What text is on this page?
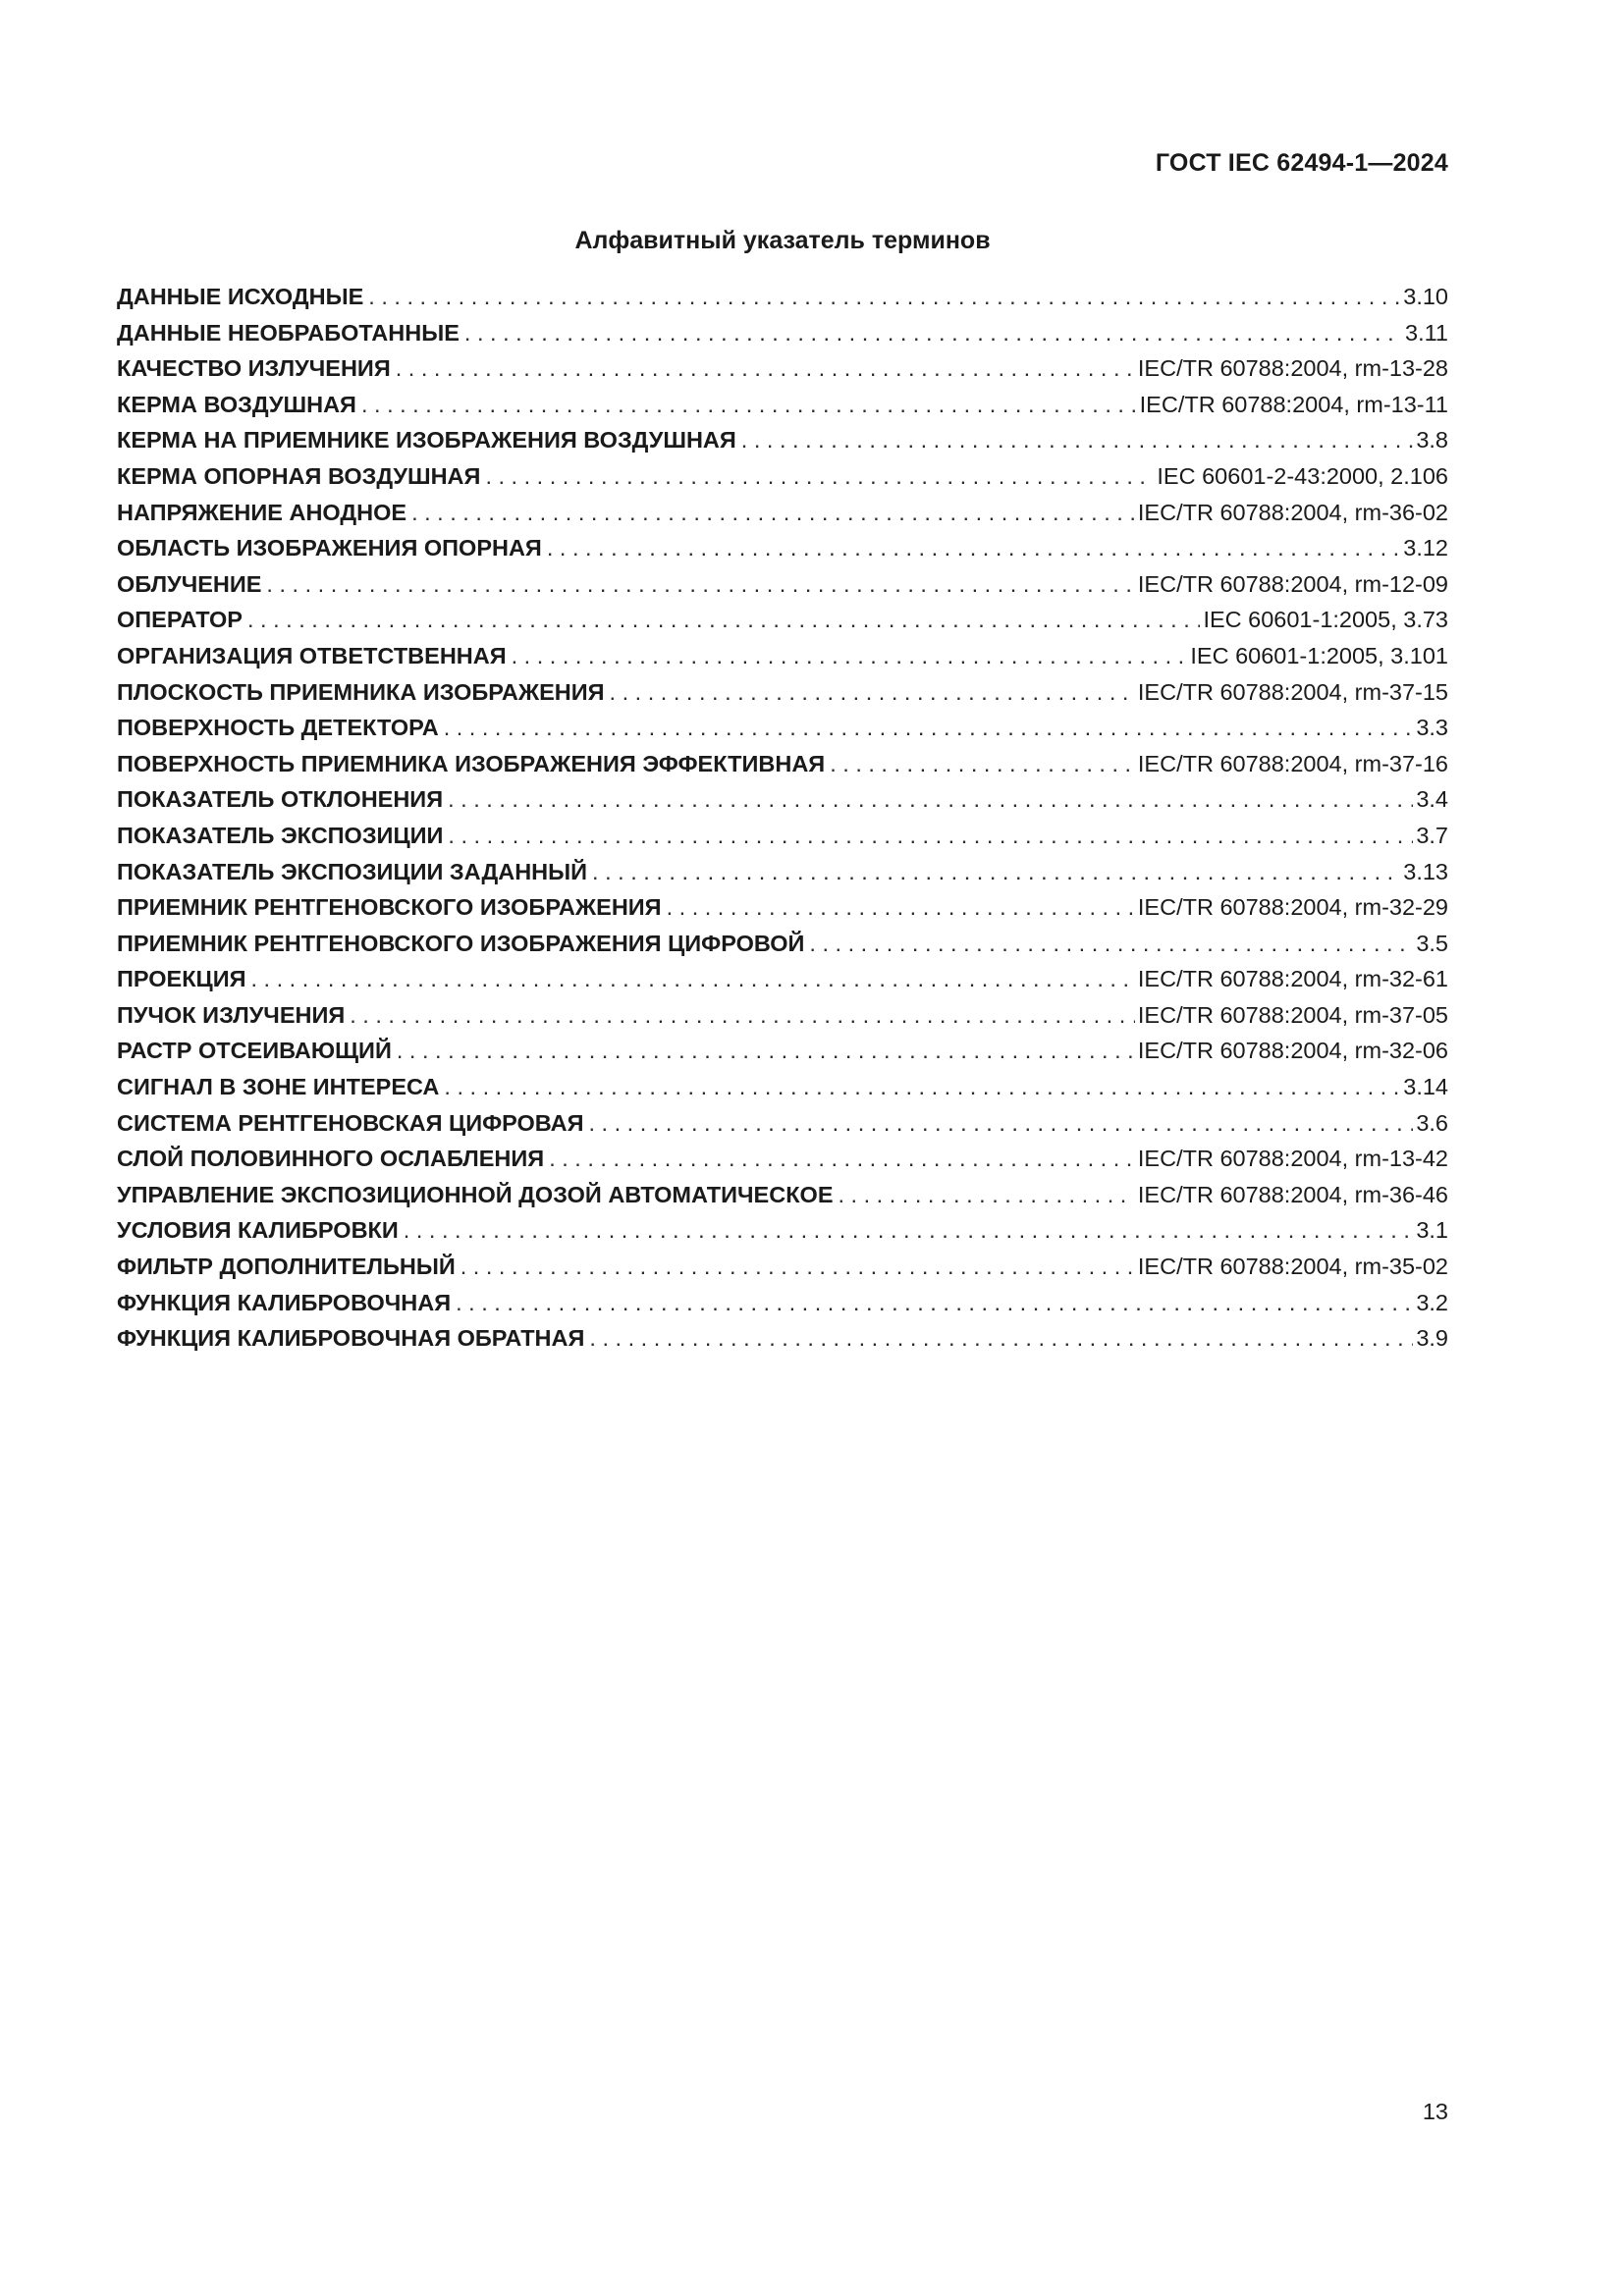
ГОСТ IEC 62494-1—2024
Алфавитный указатель терминов
ДАННЫЕ ИСХОДНЫЕ . . .	3.10
ДАННЫЕ НЕОБРАБОТАННЫЕ . . .	3.11
КАЧЕСТВО ИЗЛУЧЕНИЯ . . .	IEC/TR 60788:2004, rm-13-28
КЕРМА ВОЗДУШНАЯ . . .	IEC/TR 60788:2004, rm-13-11
КЕРМА НА ПРИЕМНИКЕ ИЗОБРАЖЕНИЯ ВОЗДУШНАЯ . . .	3.8
КЕРМА ОПОРНАЯ ВОЗДУШНАЯ . . .	IEC 60601-2-43:2000, 2.106
НАПРЯЖЕНИЕ АНОДНОЕ . . .	IEC/TR 60788:2004, rm-36-02
ОБЛАСТЬ ИЗОБРАЖЕНИЯ ОПОРНАЯ . . .	3.12
ОБЛУЧЕНИЕ . . .	IEC/TR 60788:2004, rm-12-09
ОПЕРАТОР . . .	IEC 60601-1:2005, 3.73
ОРГАНИЗАЦИЯ ОТВЕТСТВЕННАЯ . . .	IEC 60601-1:2005, 3.101
ПЛОСКОСТЬ ПРИЕМНИКА ИЗОБРАЖЕНИЯ . . .	IEC/TR 60788:2004, rm-37-15
ПОВЕРХНОСТЬ ДЕТЕКТОРА . . .	3.3
ПОВЕРХНОСТЬ ПРИЕМНИКА ИЗОБРАЖЕНИЯ ЭФФЕКТИВНАЯ . . .	IEC/TR 60788:2004, rm-37-16
ПОКАЗАТЕЛЬ ОТКЛОНЕНИЯ . . .	3.4
ПОКАЗАТЕЛЬ ЭКСПОЗИЦИИ . . .	3.7
ПОКАЗАТЕЛЬ ЭКСПОЗИЦИИ ЗАДАННЫЙ . . .	3.13
ПРИЕМНИК РЕНТГЕНОВСКОГО ИЗОБРАЖЕНИЯ . . .	IEC/TR 60788:2004, rm-32-29
ПРИЕМНИК РЕНТГЕНОВСКОГО ИЗОБРАЖЕНИЯ ЦИФРОВОЙ . . .	3.5
ПРОЕКЦИЯ . . .	IEC/TR 60788:2004, rm-32-61
ПУЧОК ИЗЛУЧЕНИЯ . . .	IEC/TR 60788:2004, rm-37-05
РАСТР ОТСЕИВАЮЩИЙ . . .	IEC/TR 60788:2004, rm-32-06
СИГНАЛ В ЗОНЕ ИНТЕРЕСА . . .	3.14
СИСТЕМА РЕНТГЕНОВСКАЯ ЦИФРОВАЯ . . .	3.6
СЛОЙ ПОЛОВИННОГО ОСЛАБЛЕНИЯ . . .	IEC/TR 60788:2004, rm-13-42
УПРАВЛЕНИЕ ЭКСПОЗИЦИОННОЙ ДОЗОЙ АВТОМАТИЧЕСКОЕ . . .	IEC/TR 60788:2004, rm-36-46
УСЛОВИЯ КАЛИБРОВКИ . . .	3.1
ФИЛЬТР ДОПОЛНИТЕЛЬНЫЙ . . .	IEC/TR 60788:2004, rm-35-02
ФУНКЦИЯ КАЛИБРОВОЧНАЯ . . .	3.2
ФУНКЦИЯ КАЛИБРОВОЧНАЯ ОБРАТНАЯ . . .	3.9
13
